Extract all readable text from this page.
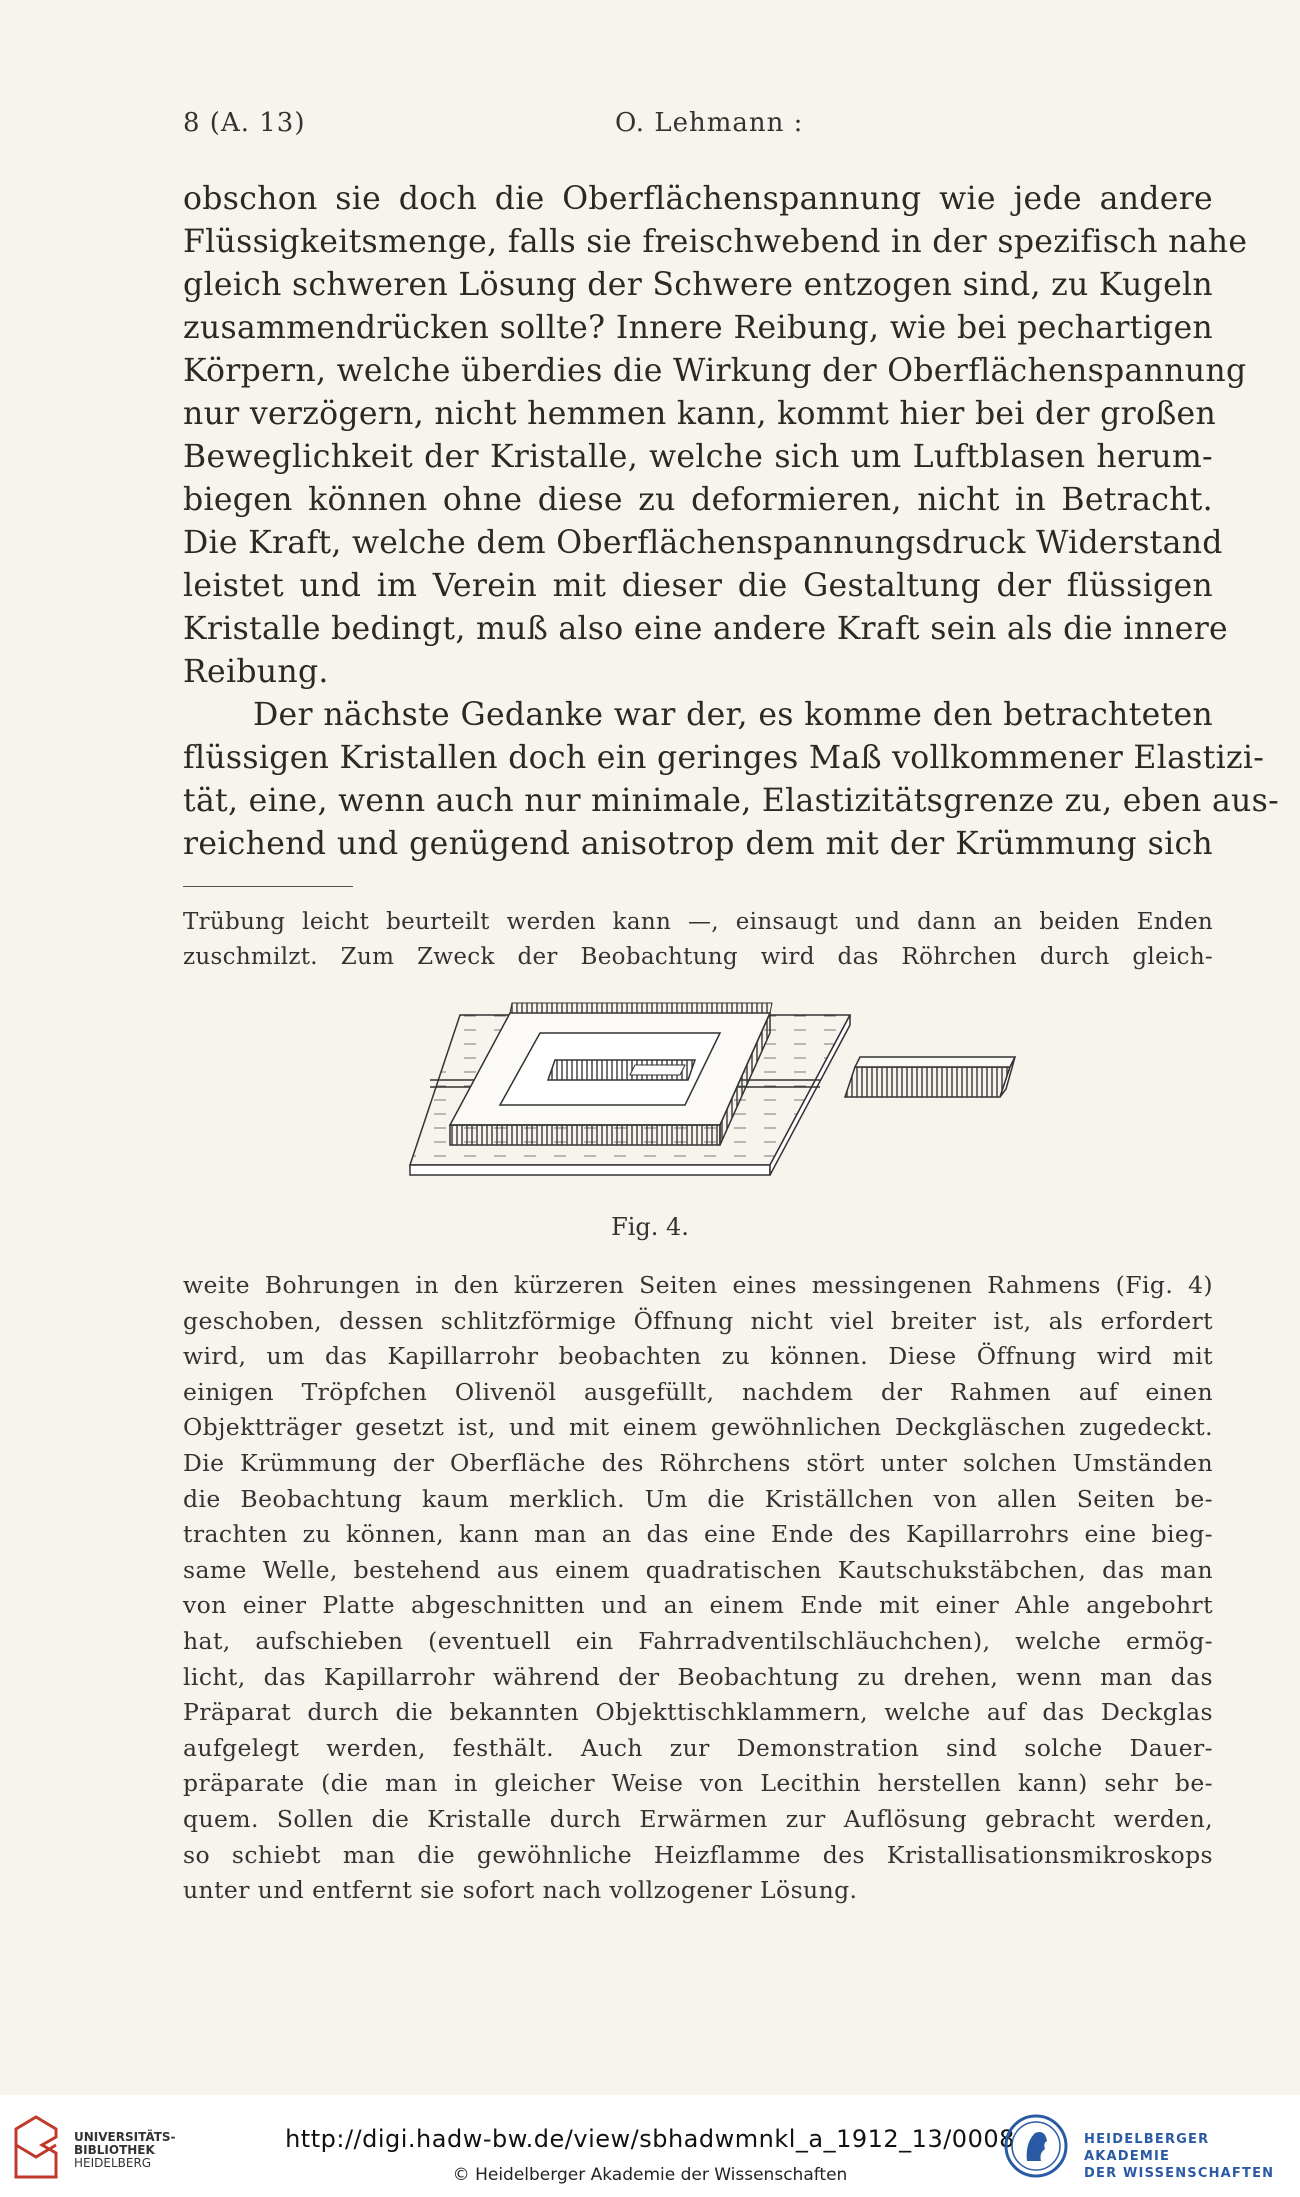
8 (A. 13)	O. Lehmann :
obschon sie doch die Oberflächenspannung wie jede andere
Flüssigkeitsmenge, falls sie freischwebend in der spezifisch nahe
gleich schweren Lösung der Schwere entzogen sind, zu Kugeln
zusammendrücken sollte? Innere Reibung, wie bei pechartigen
Körpern, welche überdies die Wirkung der Oberflächenspannung
nur verzögern, nicht hemmen kann, kommt hier bei der großen
Beweglichkeit der Kristalle, welche sich um Luftblasen herum-
biegen können ohne diese zu deformieren, nicht in Betracht.
Die Kraft, welche dem Oberflächenspannungsdruck Widerstand
leistet und im Verein mit dieser die Gestaltung der flüssigen
Kristalle bedingt, muß also eine andere Kraft sein als die innere
Reibung.
Der nächste Gedanke war der, es komme den betrachteten
flüssigen Kristallen doch ein geringes Maß vollkommener Elastizi-
tät, eine, wenn auch nur minimale, Elastizitätsgrenze zu, eben aus-
reichend und genügend anisotrop dem mit der Krümmung sich
Trübung leicht beurteilt werden kann —, einsaugt und dann an beiden Enden
zuschmilzt. Zum Zweck der Beobachtung wird das Röhrchen durch gleich-
Fig. 4.
weite Bohrungen in den kürzeren Seiten eines messingenen Rahmens (Fig. 4)
geschoben, dessen schlitzförmige Öffnung nicht viel breiter ist, als erfordert
wird, um das Kapillarrohr beobachten zu können. Diese Öffnung wird mit
einigen Tröpfchen Olivenöl ausgefüllt, nachdem der Rahmen auf einen
Objektträger gesetzt ist, und mit einem gewöhnlichen Deckgläschen zugedeckt.
Die Krümmung der Oberfläche des Röhrchens stört unter solchen Umständen
die Beobachtung kaum merklich. Um die Kriställchen von allen Seiten be-
trachten zu können, kann man an das eine Ende des Kapillarrohrs eine bieg-
same Welle, bestehend aus einem quadratischen Kautschukstäbchen, das man
von einer Platte abgeschnitten und an einem Ende mit einer Ahle angebohrt
hat, aufschieben (eventuell ein Fahrradventilschläuchchen), welche ermög-
licht, das Kapillarrohr während der Beobachtung zu drehen, wenn man das
Präparat durch die bekannten Objekttischklammern, welche auf das Deckglas
aufgelegt werden, festhält. Auch zur Demonstration sind solche Dauer-
präparate (die man in gleicher Weise von Lecithin herstellen kann) sehr be-
quem. Sollen die Kristalle durch Erwärmen zur Auflösung gebracht werden,
so schiebt man die gewöhnliche Heizflamme des Kristallisationsmikroskops
unter und entfernt sie sofort nach vollzogener Lösung.
UNIVERSITÄTS-
BIBLIOTHEK
HEIDELBERG
http://digi.hadw-bw.de/view/sbhadwmnkl_a_1912_13/0008
© Heidelberger Akademie der Wissenschaften
HEIDELBERGER AKADEMIE
DER WISSENSCHAFTEN
